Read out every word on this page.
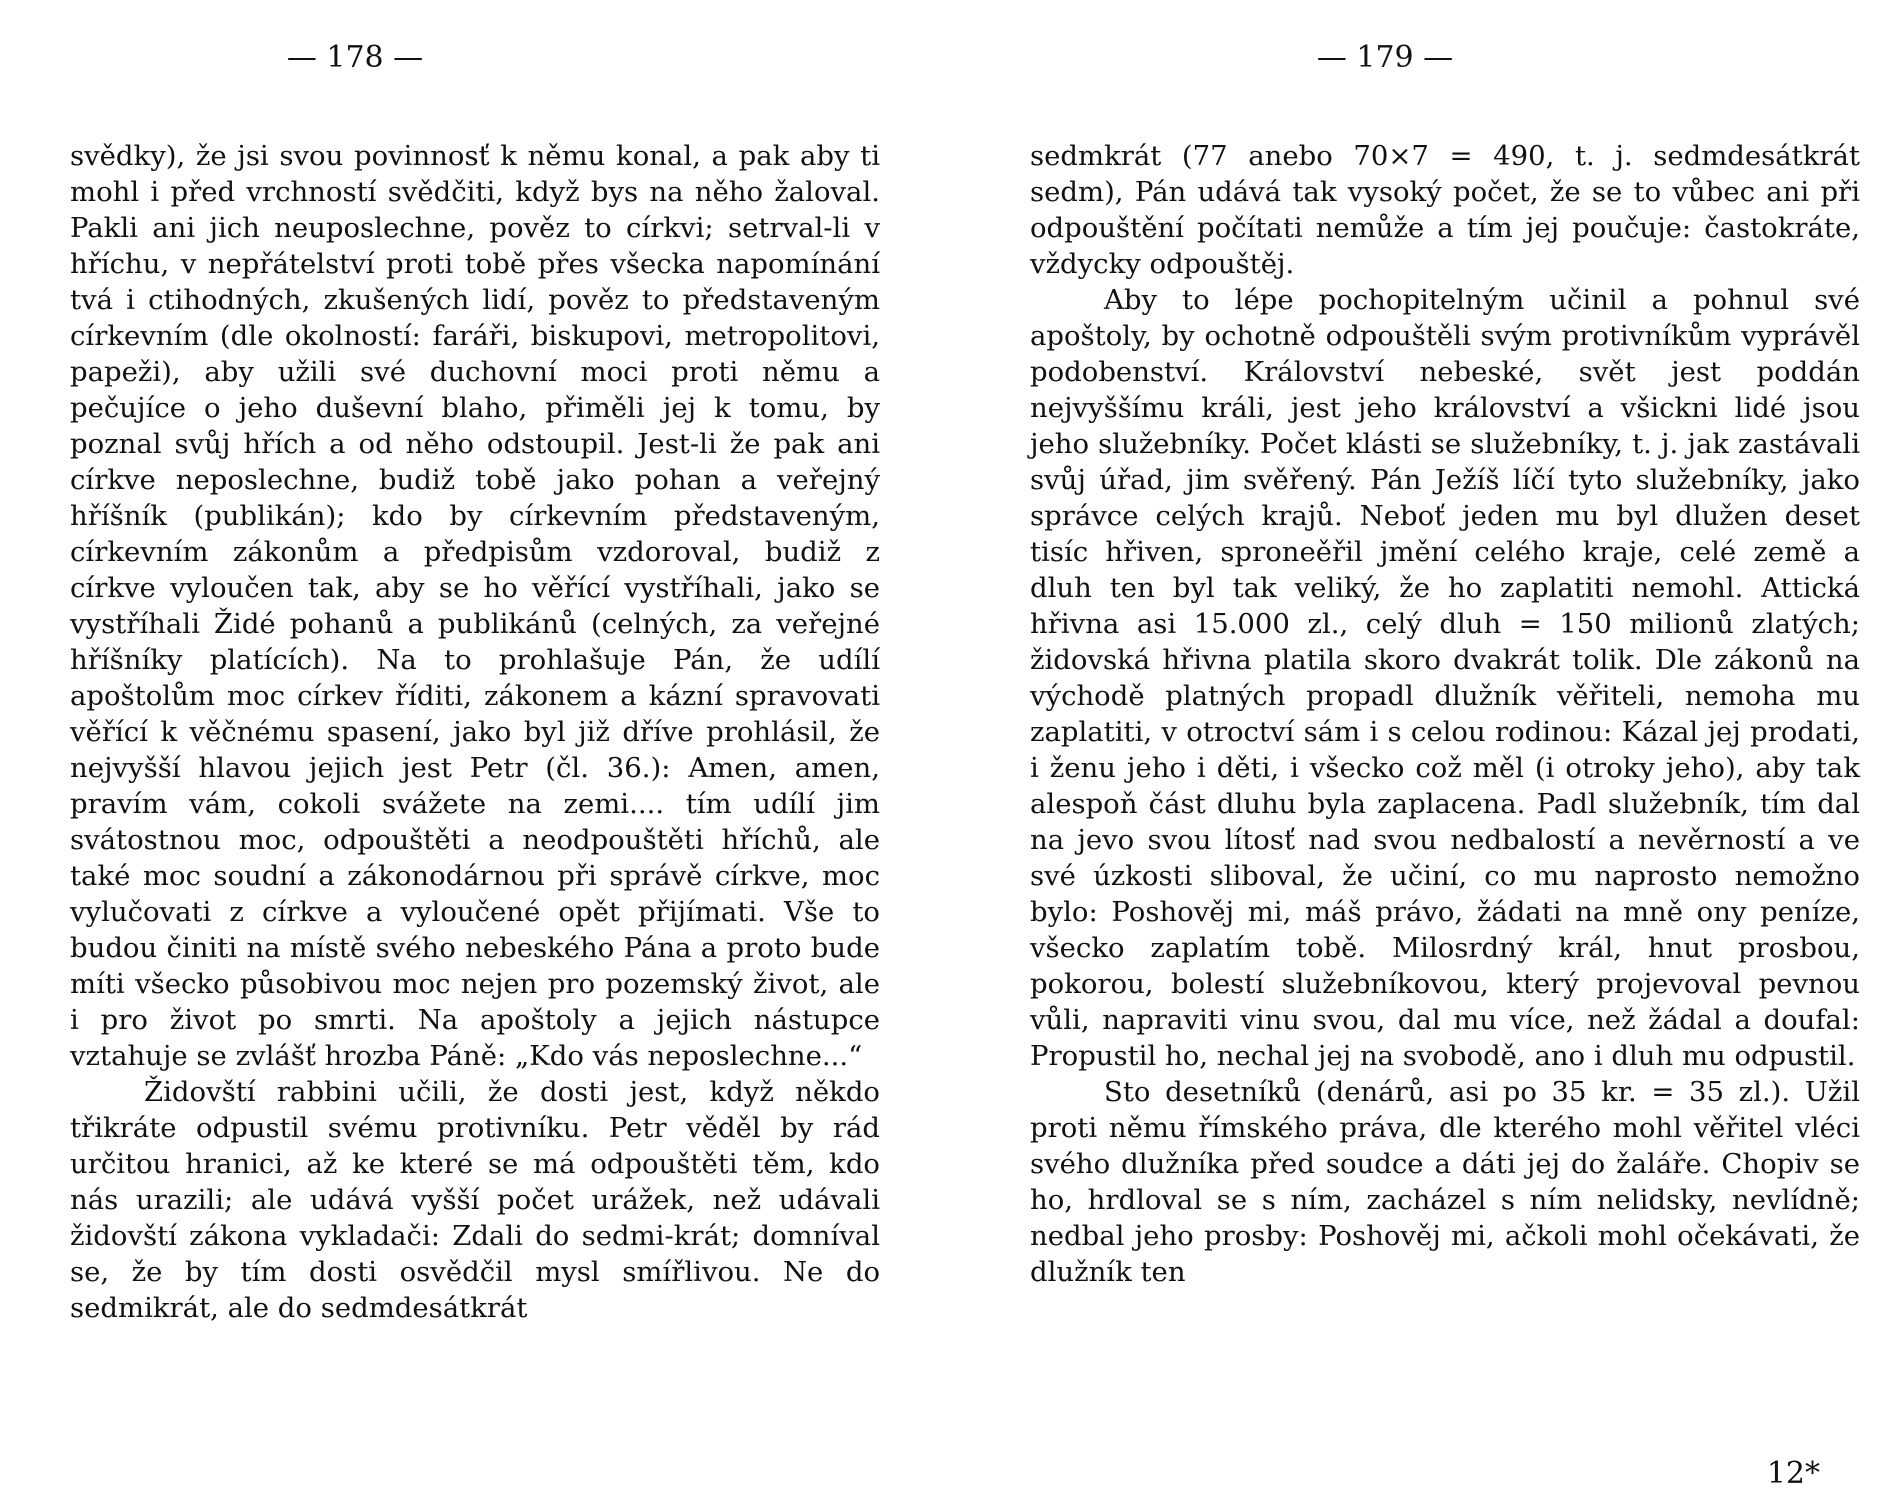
— 178 —

svědky), že jsi svou povinnosť k němu konal, a pak aby ti mohl i před vrchností svědčiti, když bys na něho žaloval. Pakli ani jich neuposlechne, pověz to církvi; setrval-li v hříchu, v nepřátelství proti tobě přes všecka napomínání tvá i ctihodných, zkušených lidí, pověz to představeným církevním (dle okolností: faráři, biskupovi, metropolitovi, papeži), aby užili své duchovní moci proti němu a pečujíce o jeho duševní blaho, přiměli jej k tomu, by poznal svůj hřích a od něho odstoupil. Jest-li že pak ani církve neposlechne, budiž tobě jako pohan a veřejný hříšník (publikán); kdo by církevním představeným, církevním zákonům a předpisům vzdoroval, budiž z církve vyloučen tak, aby se ho věřící vystříhali, jako se vystříhali Židé pohanů a publikánů (celných, za veřejné hříšníky platících). Na to prohlašuje Pán, že udílí apoštolům moc církev říditi, zákonem a kázní spravovati věřící k věčnému spasení, jako byl již dříve prohlásil, že nejvyšší hlavou jejich jest Petr (čl. 36.): Amen, amen, pravím vám, cokoli svážete na zemi.... tím udílí jim svátostnou moc, odpouštěti a neodpouštěti hříchů, ale také moc soudní a zákonodárnou při správě církve, moc vylučovati z církve a vyloučené opět přijímati. Vše to budou činiti na místě svého nebeského Pána a proto bude míti všecko působivou moc nejen pro pozemský život, ale i pro život po smrti. Na apoštoly a jejich nástupce vztahuje se zvlášť hrozba Páně: „Kdo vás neposlechne...“

Židovští rabbini učili, že dosti jest, když někdo třikráte odpustil svému protivníku. Petr věděl by rád určitou hranici, až ke které se má odpouštěti těm, kdo nás urazili; ale udává vyšší počet urážek, než udávali židovští zákona vykladači: Zdali do sedmi-krát; domníval se, že by tím dosti osvědčil mysl smířlivou. Ne do sedmikrát, ale do sedmdesátkrát

— 179 —

sedmkrát (77 anebo 70×7 = 490, t. j. sedmdesátkrát sedm), Pán udává tak vysoký počet, že se to vůbec ani při odpouštění počítati nemůže a tím jej poučuje: častokráte, vždycky odpouštěj.

Aby to lépe pochopitelným učinil a pohnul své apoštoly, by ochotně odpouštěli svým protivníkům vyprávěl podobenství. Království nebeské, svět jest poddán nejvyššímu králi, jest jeho království a všickni lidé jsou jeho služebníky. Počet klásti se služebníky, t. j. jak zastávali svůj úřad, jim svěřený. Pán Ježíš líčí tyto služebníky, jako správce celých krajů. Neboť jeden mu byl dlužen deset tisíc hřiven, sproneěřil jmění celého kraje, celé země a dluh ten byl tak veliký, že ho zaplatiti nemohl. Attická hřivna asi 15.000 zl., celý dluh = 150 milionů zlatých; židovská hřivna platila skoro dvakrát tolik. Dle zákonů na východě platných propadl dlužník věřiteli, nemoha mu zaplatiti, v otroctví sám i s celou rodinou: Kázal jej prodati, i ženu jeho i děti, i všecko což měl (i otroky jeho), aby tak alespoň část dluhu byla zaplacena. Padl služebník, tím dal na jevo svou lítosť nad svou nedbalostí a nevěrností a ve své úzkosti sliboval, že učiní, co mu naprosto nemožno bylo: Poshověj mi, máš právo, žádati na mně ony peníze, všecko zaplatím tobě. Milosrdný král, hnut prosbou, pokorou, bolestí služebníkovou, který projevoval pevnou vůli, napraviti vinu svou, dal mu více, než žádal a doufal: Propustil ho, nechal jej na svobodě, ano i dluh mu odpustil.

Sto desetníků (denárů, asi po 35 kr. = 35 zl.). Užil proti němu římského práva, dle kterého mohl věřitel vléci svého dlužníka před soudce a dáti jej do žaláře. Chopiv se ho, hrdloval se s ním, zacházel s ním nelidsky, nevlídně; nedbal jeho prosby: Poshověj mi, ačkoli mohl očekávati, že dlužník ten

12*
